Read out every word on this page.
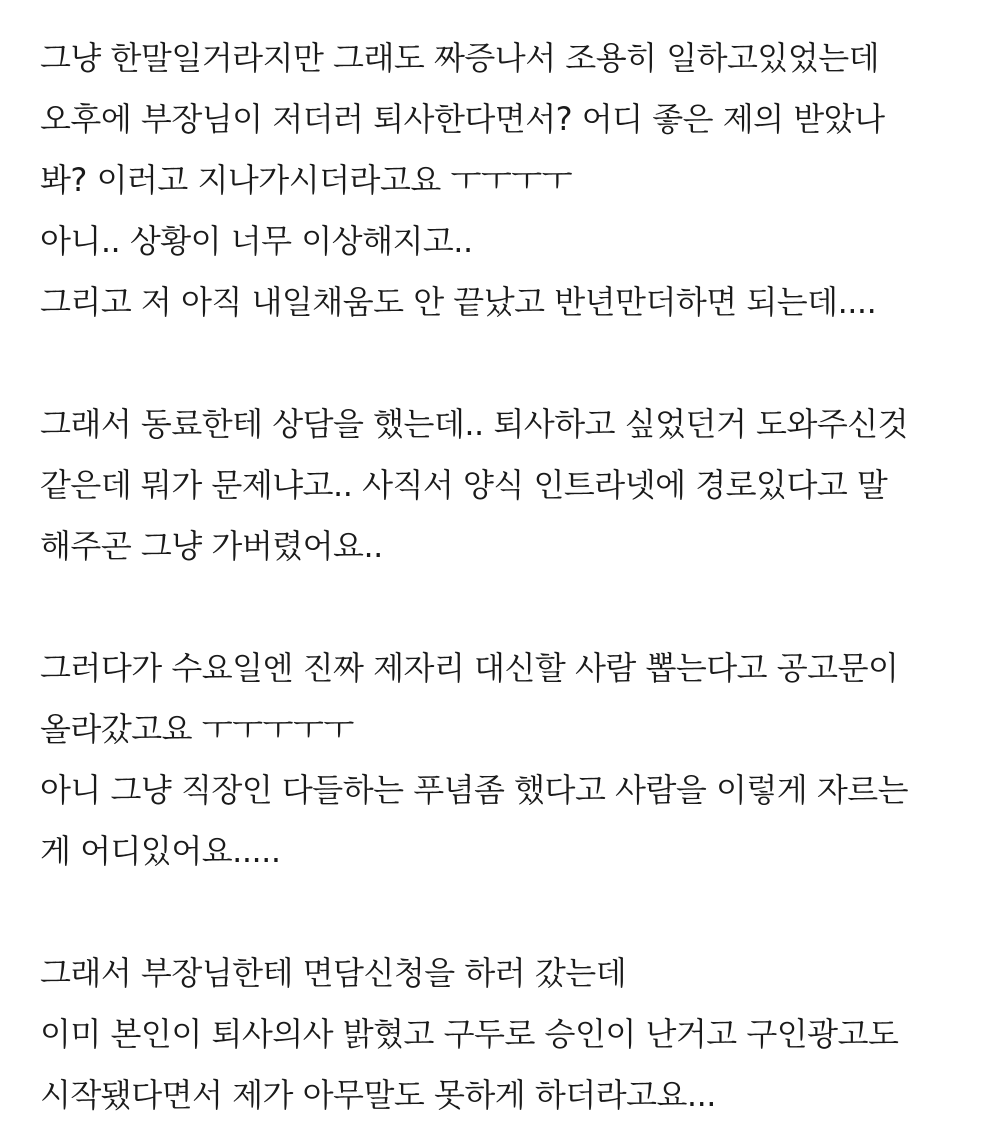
그냥 한말일거라지만 그래도 짜증나서 조용히 일하고있었는데
오후에 부장님이 저더러 퇴사한다면서? 어디 좋은 제의 받았나
봐? 이러고 지나가시더라고요 ㅜㅜㅜㅜ
아니.. 상황이 너무 이상해지고..
그리고 저 아직 내일채움도 안 끝났고 반년만더하면 되는데....
그래서 동료한테 상담을 했는데.. 퇴사하고 싶었던거 도와주신것
같은데 뭐가 문제냐고.. 사직서 양식 인트라넷에 경로있다고 말
해주곤 그냥 가버렸어요..
그러다가 수요일엔 진짜 제자리 대신할 사람 뽑는다고 공고문이
올라갔고요 ㅜㅜㅜㅜㅜ
아니 그냥 직장인 다들하는 푸념좀 했다고 사람을 이렇게 자르는
게 어디있어요.....
그래서 부장님한테 면담신청을 하러 갔는데
이미 본인이 퇴사의사 밝혔고 구두로 승인이 난거고 구인광고도
시작됐다면서 제가 아무말도 못하게 하더라고요...
